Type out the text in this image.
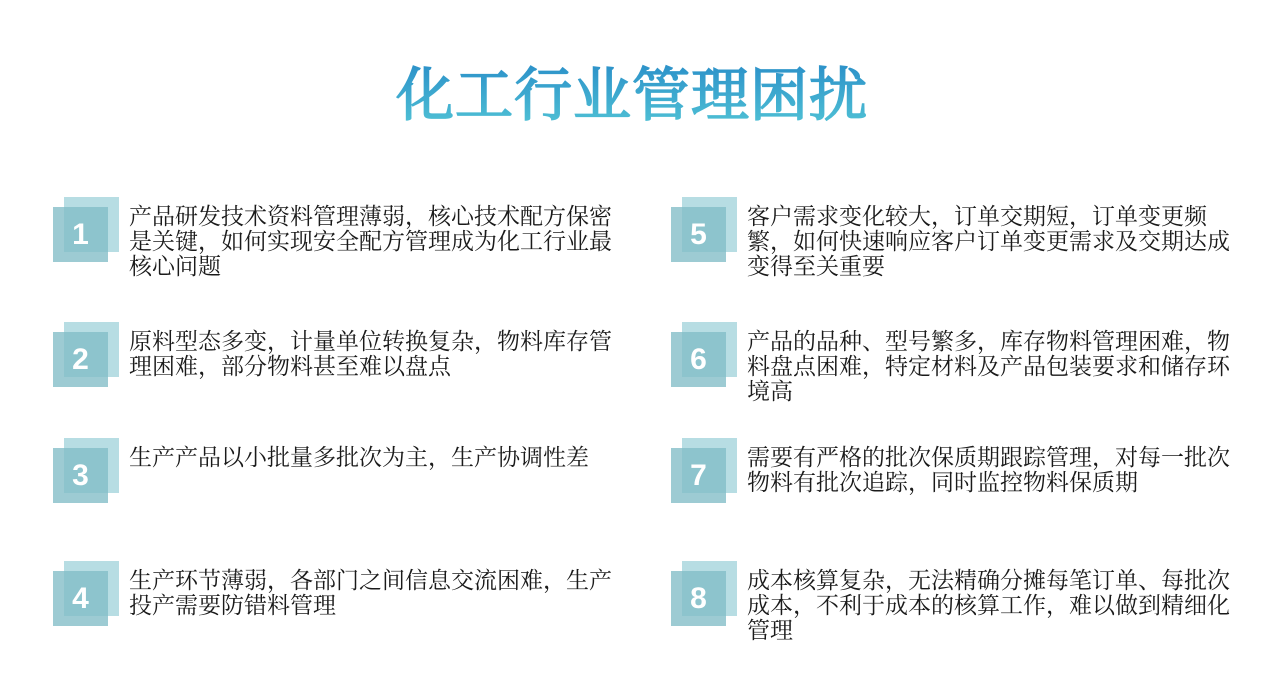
化工行业管理困扰
1

产品研发技术资料管理薄弱，核心技术配方保密是关键，如何实现安全配方管理成为化工行业最核心问题

2

原料型态多变，计量单位转换复杂，物料库存管理困难，部分物料甚至难以盘点

3

生产产品以小批量多批次为主，生产协调性差

4

生产环节薄弱，各部门之间信息交流困难，生产投产需要防错料管理

5

客户需求变化较大，订单交期短，订单变更频繁，如何快速响应客户订单变更需求及交期达成变得至关重要

6

产品的品种、型号繁多，库存物料管理困难，物料盘点困难，特定材料及产品包装要求和储存环境高

7

需要有严格的批次保质期跟踪管理，对每一批次物料有批次追踪，同时监控物料保质期

8

成本核算复杂，无法精确分摊每笔订单、每批次成本，不利于成本的核算工作，难以做到精细化管理
